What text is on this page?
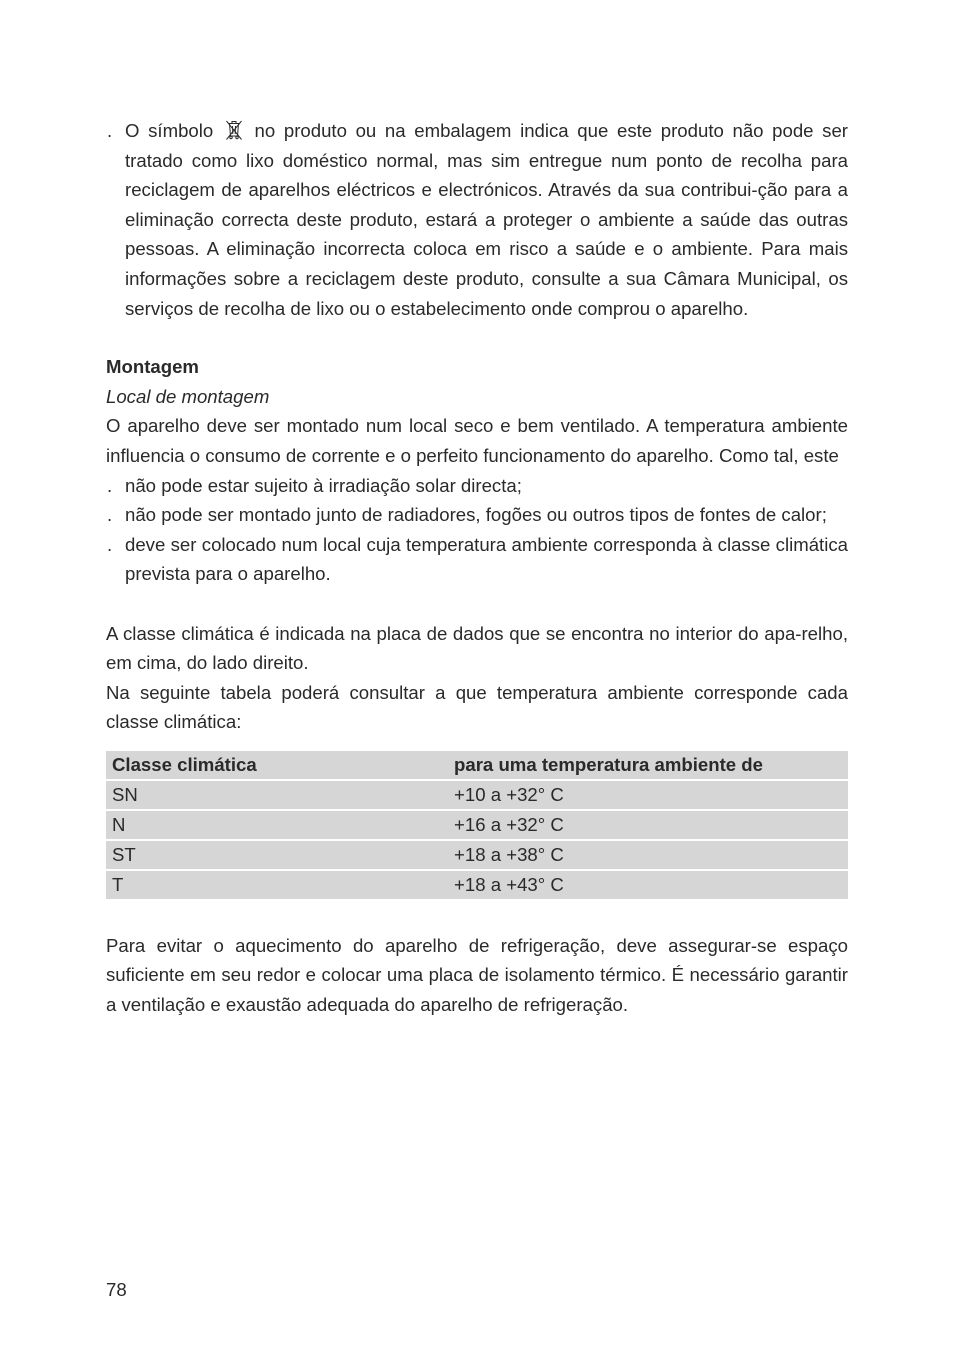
. O símbolo no produto ou na embalagem indica que este produto não pode ser tratado como lixo doméstico normal, mas sim entregue num ponto de recolha para reciclagem de aparelhos eléctricos e electrónicos. Através da sua contribui-ção para a eliminação correcta deste produto, estará a proteger o ambiente a saúde das outras pessoas. A eliminação incorrecta coloca em risco a saúde e o ambiente. Para mais informações sobre a reciclagem deste produto, consulte a sua Câmara Municipal, os serviços de recolha de lixo ou o estabelecimento onde comprou o aparelho.
Montagem
Local de montagem

O aparelho deve ser montado num local seco e bem ventilado. A temperatura ambiente influencia o consumo de corrente e o perfeito funcionamento do aparelho. Como tal, este

. não pode estar sujeito à irradiação solar directa;
. não pode ser montado junto de radiadores, fogões ou outros tipos de fontes de calor;
. deve ser colocado num local cuja temperatura ambiente corresponda à classe climática prevista para o aparelho.

A classe climática é indicada na placa de dados que se encontra no interior do apa-relho, em cima, do lado direito.

Na seguinte tabela poderá consultar a que temperatura ambiente corresponde cada classe climática:

Classe climática	para uma temperatura ambiente de
SN	+10 a +32° C
N	+16 a +32° C
ST	+18 a +38° C
T	+18 a +43° C

Para evitar o aquecimento do aparelho de refrigeração, deve assegurar-se espaço suficiente em seu redor e colocar uma placa de isolamento térmico. É necessário garantir a ventilação e exaustão adequada do aparelho de refrigeração.

78
